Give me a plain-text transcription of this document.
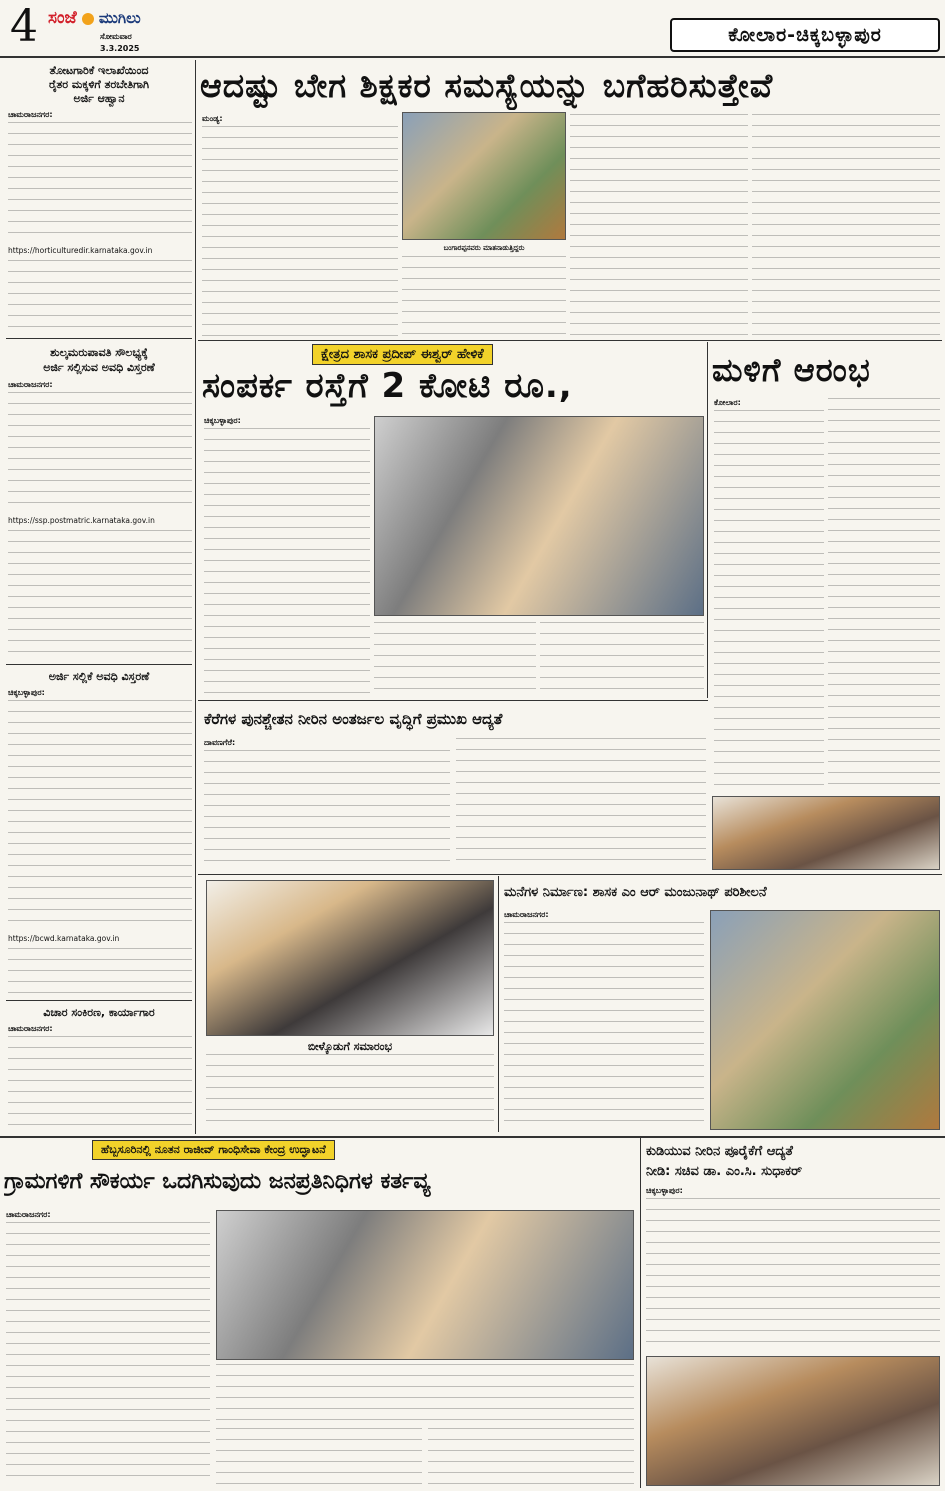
4 ಸಂಜೆ ಮುಗಿಲು
ಸೋಮವಾರ
3.3.2025
ಕೋಲಾರ-ಚಿಕ್ಕಬಳ್ಳಾಪುರ
ತೋಟಗಾರಿಕೆ ಇಲಾಖೆಯಿಂದ
ರೈತರ ಮಕ್ಕಳಿಗೆ ತರಬೇತಿಗಾಗಿ
ಅರ್ಜಿ ಆಹ್ವಾನ
ಚಾಮರಾಜನಗರ:
https://horticulturedir.karnataka.gov.in
ಶುಲ್ಕಮರುಪಾವತಿ ಸೌಲಭ್ಯಕ್ಕೆ
ಅರ್ಜಿ ಸಲ್ಲಿಸುವ ಅವಧಿ ವಿಸ್ತರಣೆ
ಚಾಮರಾಜನಗರ:
https://ssp.postmatric.karnataka.gov.in
ಅರ್ಜಿ ಸಲ್ಲಿಕೆ ಅವಧಿ ವಿಸ್ತರಣೆ
ಚಿಕ್ಕಬಳ್ಳಾಪುರ:
https://bcwd.karnataka.gov.in
ವಿಚಾರ ಸಂಕಿರಣ, ಕಾರ್ಯಾಗಾರ
ಚಾಮರಾಜನಗರ:
ಆದಷ್ಟು ಬೇಗ ಶಿಕ್ಷಕರ ಸಮಸ್ಯೆಯನ್ನು ಬಗೆಹರಿಸುತ್ತೇವೆ
ಮಂಡ್ಯ:
ಬಂಗಾರಪ್ಪನವರು ಮಾತನಾಡುತ್ತಿದ್ದರು
ಕ್ಷೇತ್ರದ ಶಾಸಕ ಪ್ರದೀಪ್ ಈಶ್ವರ್ ಹೇಳಿಕೆ
ಸಂಪರ್ಕ ರಸ್ತೆಗೆ 2 ಕೋಟಿ ರೂ.,
ಚಿಕ್ಕಬಳ್ಳಾಪುರ:
ಮಳಿಗೆ ಆರಂಭ
ಕೋಲಾರ:
ಕೆರೆಗಳ ಪುನಶ್ಚೇತನ ನೀರಿನ ಅಂತರ್ಜಲ ವೃದ್ಧಿಗೆ ಪ್ರಮುಖ ಆದ್ಯತೆ
ದಾವಣಗೆರೆ:
ಬೀಳ್ಕೊಡುಗೆ ಸಮಾರಂಭ
ಮನೆಗಳ ನಿರ್ಮಾಣ: ಶಾಸಕ ಎಂ ಆರ್ ಮಂಜುನಾಥ್ ಪರಿಶೀಲನೆ
ಚಾಮರಾಜನಗರ:
ಹೆಬ್ಬಸೂರಿನಲ್ಲಿ ನೂತನ ರಾಜೀವ್ ಗಾಂಧಿಸೇವಾ ಕೇಂದ್ರ ಉದ್ಘಾಟನೆ
ಗ್ರಾಮಗಳಿಗೆ ಸೌಕರ್ಯ ಒದಗಿಸುವುದು ಜನಪ್ರತಿನಿಧಿಗಳ ಕರ್ತವ್ಯ
ಚಾಮರಾಜನಗರ:
ಕುಡಿಯುವ ನೀರಿನ ಪೂರೈಕೆಗೆ ಆದ್ಯತೆ
ನೀಡಿ: ಸಚಿವ ಡಾ. ಎಂ.ಸಿ. ಸುಧಾಕರ್
ಚಿಕ್ಕಬಳ್ಳಾಪುರ:
